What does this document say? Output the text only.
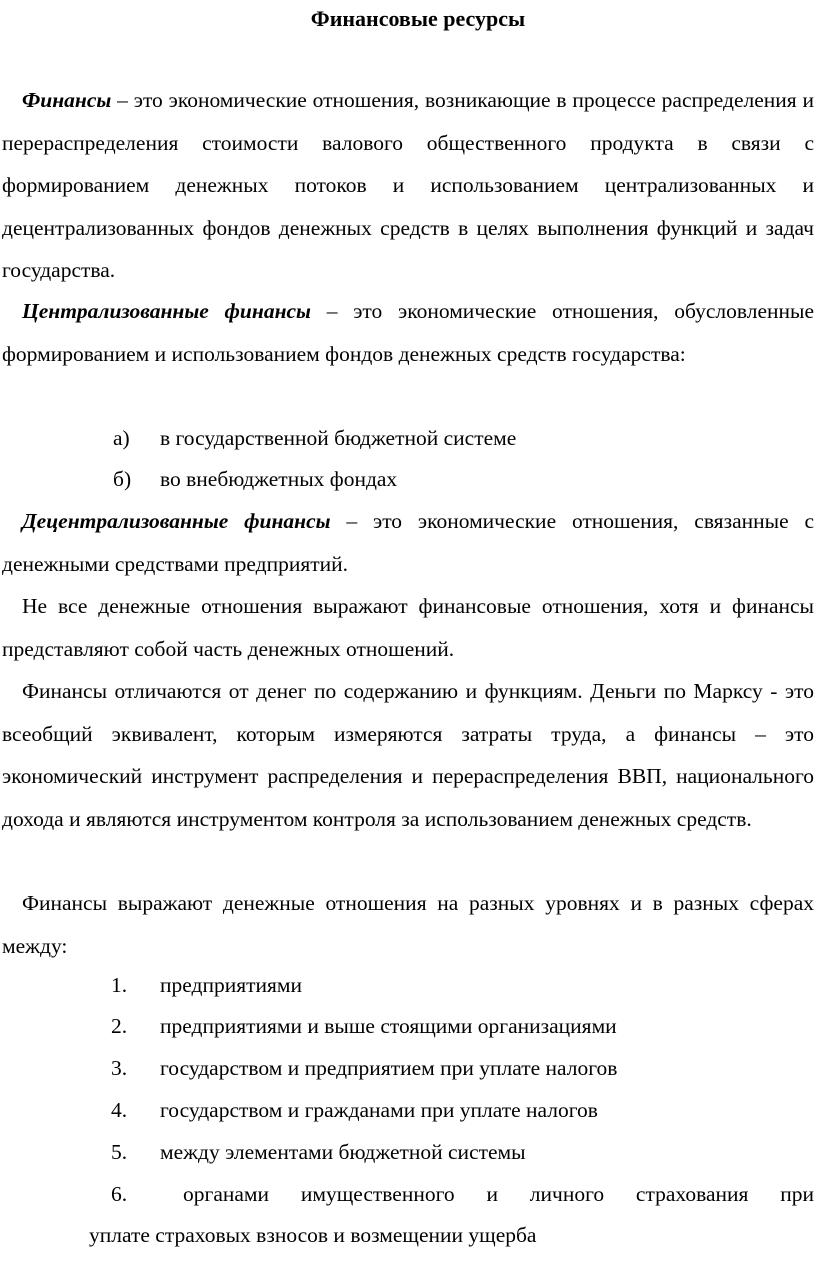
Финансовые ресурсы

Финансы – это экономические отношения, возникающие в процессе распределения и перераспределения стоимости валового общественного продукта в связи с формированием денежных потоков и использованием централизованных и децентрализованных фондов денежных средств в целях выполнения функций и задач государства.

Централизованные финансы – это экономические отношения, обусловленные формированием и использованием фондов денежных средств государства:

а) в государственной бюджетной системе
б) во внебюджетных фондах

Децентрализованные финансы – это экономические отношения, связанные с денежными средствами предприятий.

Не все денежные отношения выражают финансовые отношения, хотя и финансы представляют собой часть денежных отношений.

Финансы отличаются от денег по содержанию и функциям. Деньги по Марксу - это всеобщий эквивалент, которым измеряются затраты труда, а финансы – это экономический инструмент распределения и перераспределения ВВП, национального дохода и являются инструментом контроля за использованием денежных средств.

Финансы выражают денежные отношения на разных уровнях и в разных сферах между:

1. предприятиями
2. предприятиями и выше стоящими организациями
3. государством и предприятием при уплате налогов
4. государством и гражданами при уплате налогов
5. между элементами бюджетной системы
6.	органами имущественного и личного страхования при
уплате страховых взносов и возмещении ущерба
